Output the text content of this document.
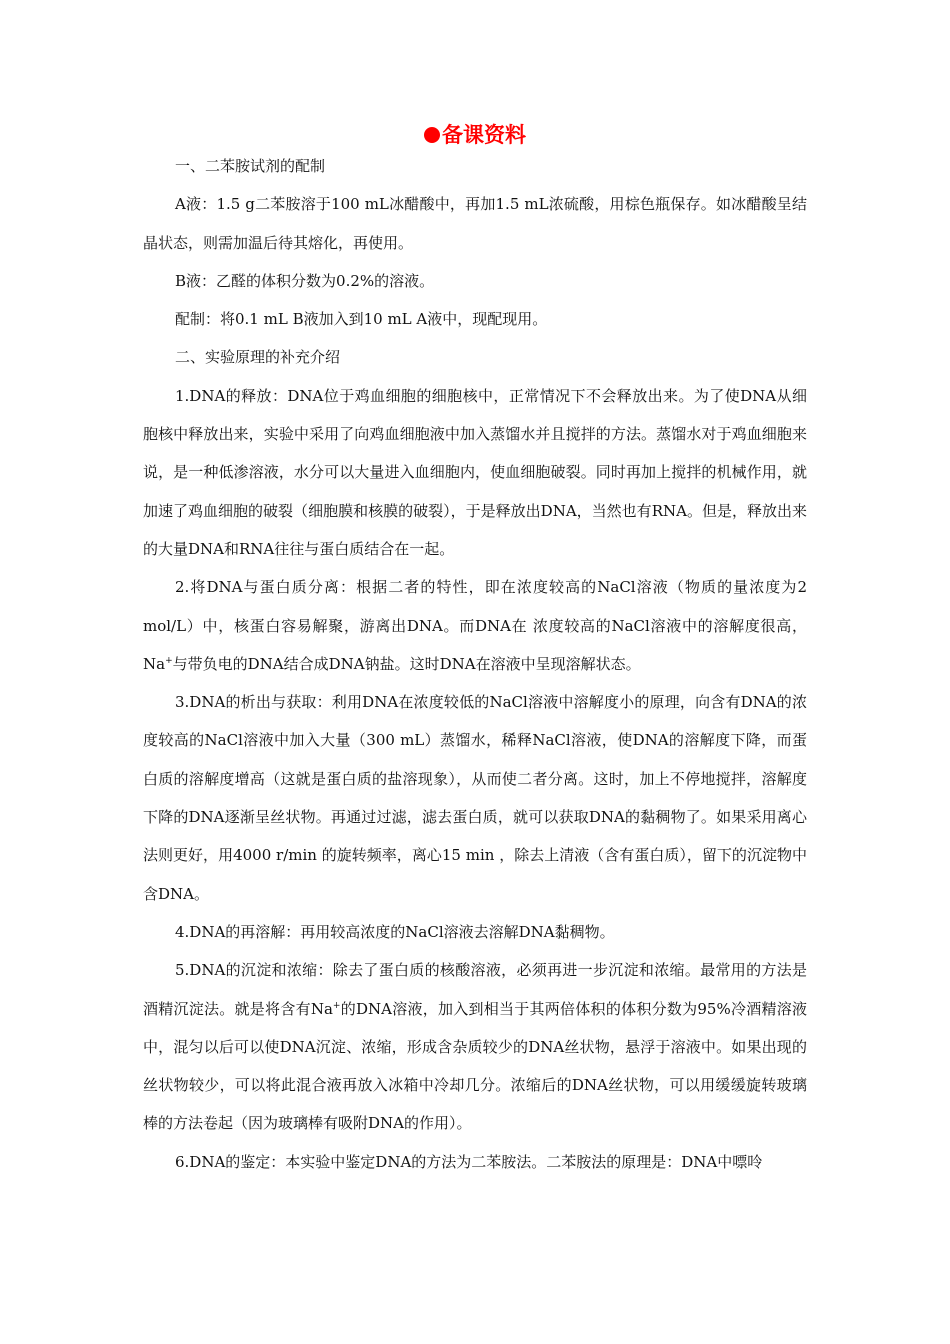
备课资料

一、二苯胺试剂的配制

A液：1.5 g二苯胺溶于100 mL冰醋酸中，再加1.5 mL浓硫酸，用棕色瓶保存。如冰醋酸呈结晶状态，则需加温后待其熔化，再使用。

B液：乙醛的体积分数为0.2%的溶液。

配制：将0.1 mL B液加入到10 mL A液中，现配现用。

二、实验原理的补充介绍

1.DNA的释放：DNA位于鸡血细胞的细胞核中，正常情况下不会释放出来。为了使DNA从细胞核中释放出来，实验中采用了向鸡血细胞液中加入蒸馏水并且搅拌的方法。蒸馏水对于鸡血细胞来说，是一种低渗溶液，水分可以大量进入血细胞内，使血细胞破裂。同时再加上搅拌的机械作用，就加速了鸡血细胞的破裂（细胞膜和核膜的破裂），于是释放出DNA，当然也有RNA。但是，释放出来的大量DNA和RNA往往与蛋白质结合在一起。

2.将DNA与蛋白质分离：根据二者的特性，即在浓度较高的NaCl溶液（物质的量浓度为2 mol/L）中，核蛋白容易解聚，游离出DNA。而DNA在 浓度较高的NaCl溶液中的溶解度很高，Na+与带负电的DNA结合成DNA钠盐。这时DNA在溶液中呈现溶解状态。

3.DNA的析出与获取：利用DNA在浓度较低的NaCl溶液中溶解度小的原理，向含有DNA的浓度较高的NaCl溶液中加入大量（300 mL）蒸馏水，稀释NaCl溶液，使DNA的溶解度下降，而蛋白质的溶解度增高（这就是蛋白质的盐溶现象），从而使二者分离。这时，加上不停地搅拌，溶解度下降的DNA逐渐呈丝状物。再通过过滤，滤去蛋白质，就可以获取DNA的黏稠物了。如果采用离心法则更好，用4000 r/min 的旋转频率，离心15 min ，除去上清液（含有蛋白质），留下的沉淀物中含DNA。

4.DNA的再溶解：再用较高浓度的NaCl溶液去溶解DNA黏稠物。

5.DNA的沉淀和浓缩：除去了蛋白质的核酸溶液，必须再进一步沉淀和浓缩。最常用的方法是酒精沉淀法。就是将含有Na+的DNA溶液，加入到相当于其两倍体积的体积分数为95%冷酒精溶液中，混匀以后可以使DNA沉淀、浓缩，形成含杂质较少的DNA丝状物，悬浮于溶液中。如果出现的丝状物较少，可以将此混合液再放入冰箱中冷却几分。浓缩后的DNA丝状物，可以用缓缓旋转玻璃棒的方法卷起（因为玻璃棒有吸附DNA的作用）。

6.DNA的鉴定：本实验中鉴定DNA的方法为二苯胺法。二苯胺法的原理是：DNA中嘌呤
